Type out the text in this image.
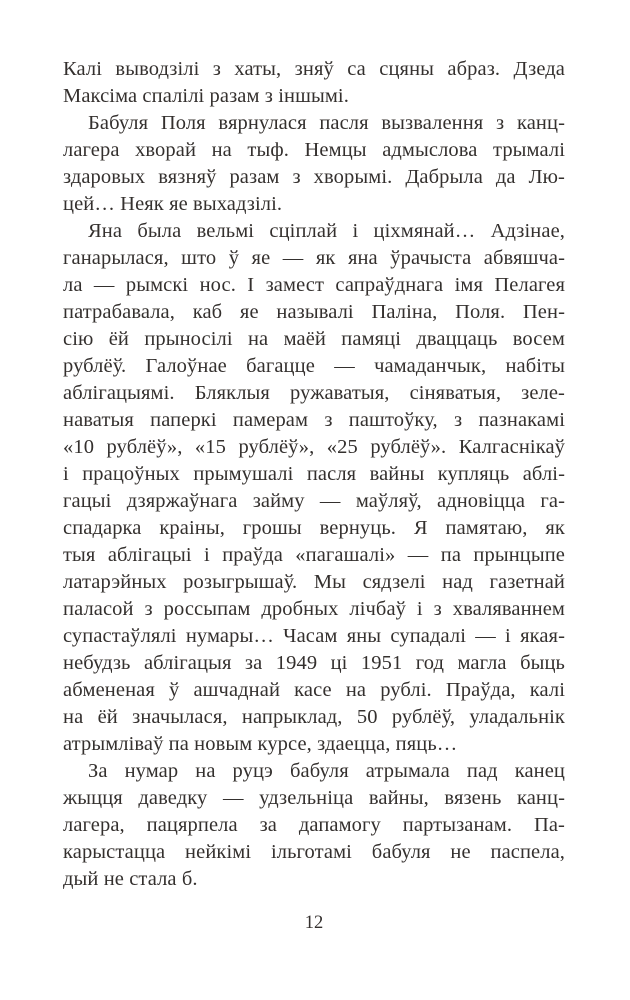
Калі выводзілі з хаты, зняў са сцяны абраз. Дзеда
Максіма спалілі разам з іншымі.
Бабуля Поля вярнулася пасля вызвалення з канц-
лагера хворай на тыф. Немцы адмыслова трымалі
здаровых вязняў разам з хворымі. Дабрыла да Лю-
цей… Неяк яе выхадзілі.
Яна была вельмі сціплай і ціхмянай… Адзінае,
ганарылася, што ў яе — як яна ўрачыста абвяшча-
ла — рымскі нос. І замест сапраўднага імя Пелагея
патрабавала, каб яе называлі Паліна, Поля. Пен-
сію ёй прыносілі на маёй памяці дваццаць восем
рублёў. Галоўнае багацце — чамаданчык, набіты
аблігацыямі. Бляклыя ружаватыя, сіняватыя, зеле-
наватыя паперкі памерам з паштоўку, з пазнакамі
«10 рублёў», «15 рублёў», «25 рублёў». Калгаснікаў
і працоўных прымушалі пасля вайны купляць аблі-
гацыі дзяржаўнага займу — маўляў, адновіцца га-
спадарка краіны, грошы вернуць. Я памятаю, як
тыя аблігацыі і праўда «пагашалі» — па прынцыпе
латарэйных розыгрышаў. Мы сядзелі над газетнай
паласой з россыпам дробных лічбаў і з хваляваннем
супастаўлялі нумары… Часам яны супадалі — і якая-
небудзь аблігацыя за 1949 ці 1951 год магла быць
абмененая ў ашчаднай касе на рублі. Праўда, калі
на ёй значылася, напрыклад, 50 рублёў, уладальнік
атрымліваў па новым курсе, здаецца, пяць…
За нумар на руцэ бабуля атрымала пад канец
жыцця даведку — удзельніца вайны, вязень канц-
лагера, пацярпела за дапамогу партызанам. Па-
карыстацца нейкімі ільготамі бабуля не паспела,
дый не стала б.
12
